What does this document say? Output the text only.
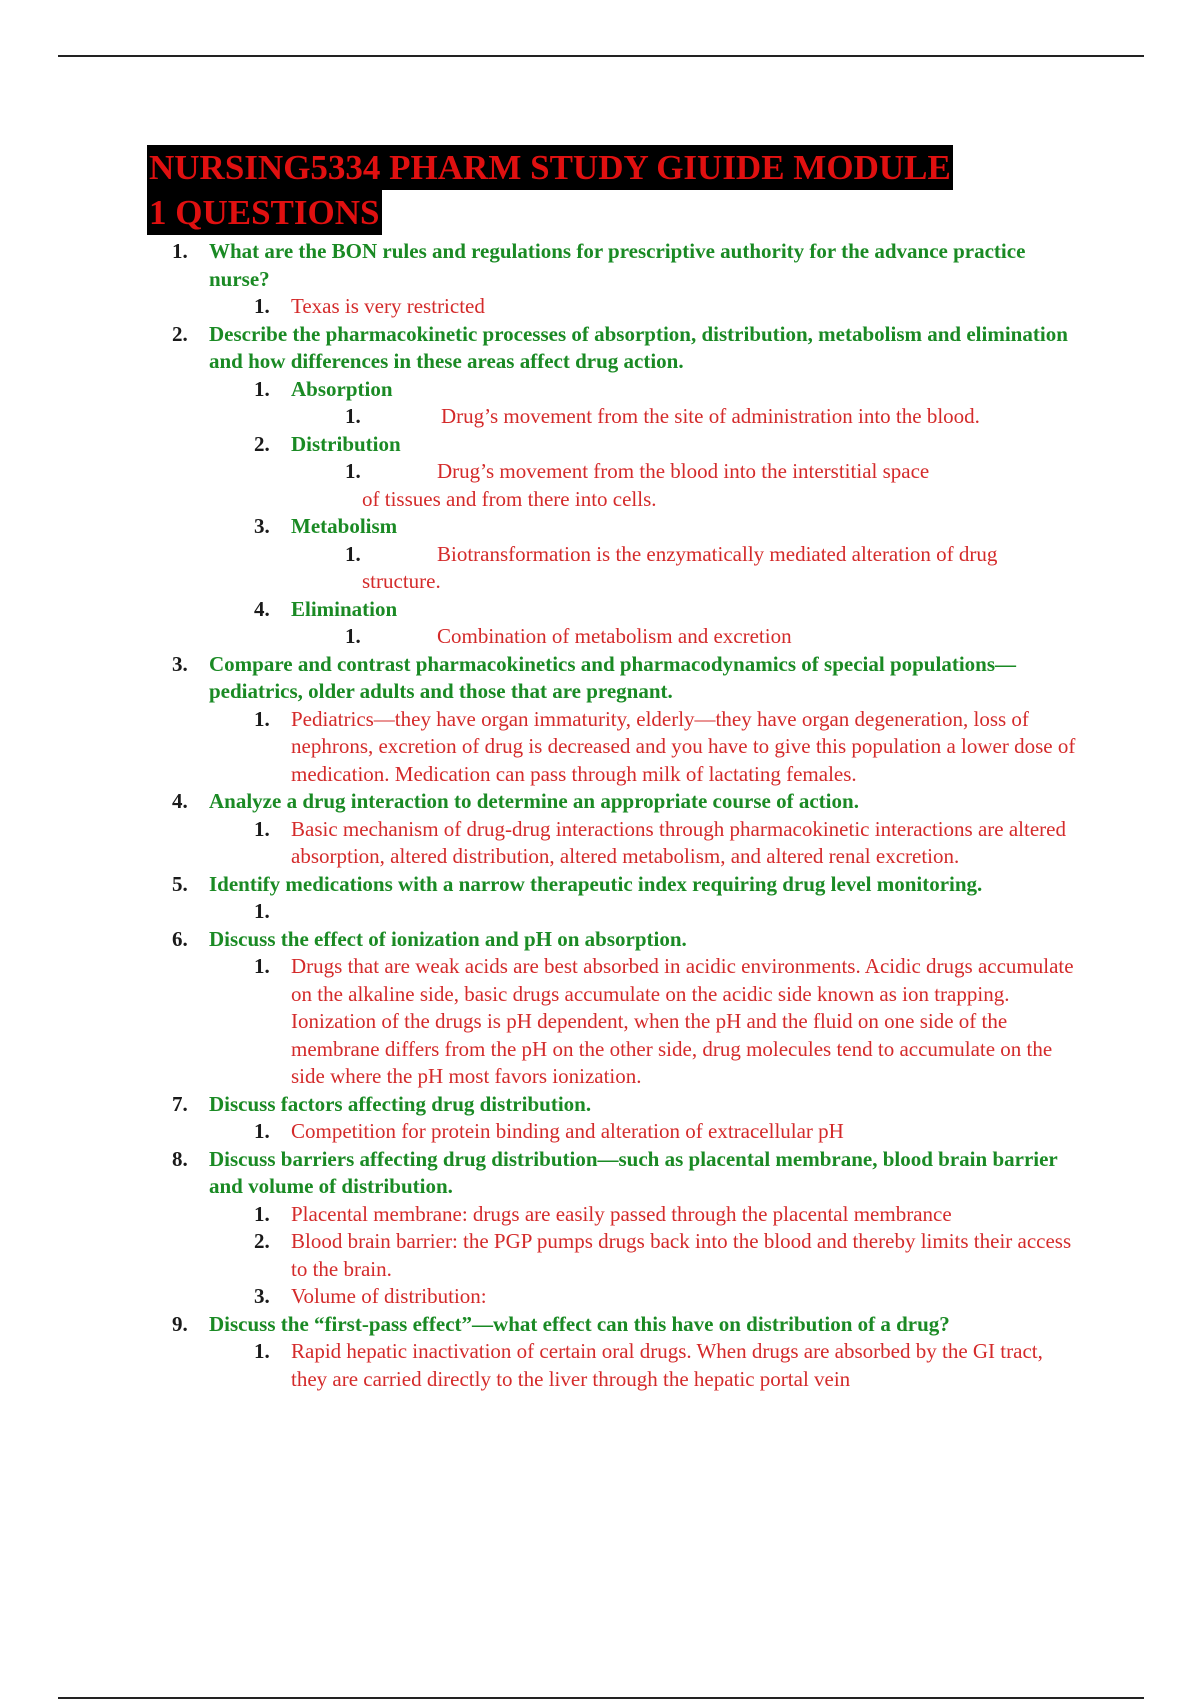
NURSING5334 PHARM STUDY GIUIDE MODULE
1 QUESTIONS
1. What are the BON rules and regulations for prescriptive authority for the advance practice nurse?
1. Texas is very restricted
2. Describe the pharmacokinetic processes of absorption, distribution, metabolism and elimination and how differences in these areas affect drug action.
1. Absorption
1.	Drug’s movement from the site of administration into the blood.
2. Distribution
1.	Drug’s movement from the blood into the interstitial space
of tissues and from there into cells.
3. Metabolism
1.	Biotransformation is the enzymatically mediated alteration of drug
structure.
4. Elimination
1.	Combination of metabolism and excretion
3. Compare and contrast pharmacokinetics and pharmacodynamics of special populations—pediatrics, older adults and those that are pregnant.
1. Pediatrics—they have organ immaturity, elderly—they have organ degeneration, loss of nephrons, excretion of drug is decreased and you have to give this population a lower dose of medication. Medication can pass through milk of lactating females.
4. Analyze a drug interaction to determine an appropriate course of action.
1. Basic mechanism of drug-drug interactions through pharmacokinetic interactions are altered absorption, altered distribution, altered metabolism, and altered renal excretion.
5. Identify medications with a narrow therapeutic index requiring drug level monitoring.
1.
6. Discuss the effect of ionization and pH on absorption.
1. Drugs that are weak acids are best absorbed in acidic environments. Acidic drugs accumulate on the alkaline side, basic drugs accumulate on the acidic side known as ion trapping. Ionization of the drugs is pH dependent, when the pH and the fluid on one side of the membrane differs from the pH on the other side, drug molecules tend to accumulate on the side where the pH most favors ionization.
7. Discuss factors affecting drug distribution.
1. Competition for protein binding and alteration of extracellular pH
8. Discuss barriers affecting drug distribution—such as placental membrane, blood brain barrier and volume of distribution.
1. Placental membrane: drugs are easily passed through the placental membrance
2. Blood brain barrier: the PGP pumps drugs back into the blood and thereby limits their access to the brain.
3. Volume of distribution:
9. Discuss the “first-pass effect”—what effect can this have on distribution of a drug?
1. Rapid hepatic inactivation of certain oral drugs. When drugs are absorbed by the GI tract, they are carried directly to the liver through the hepatic portal vein
